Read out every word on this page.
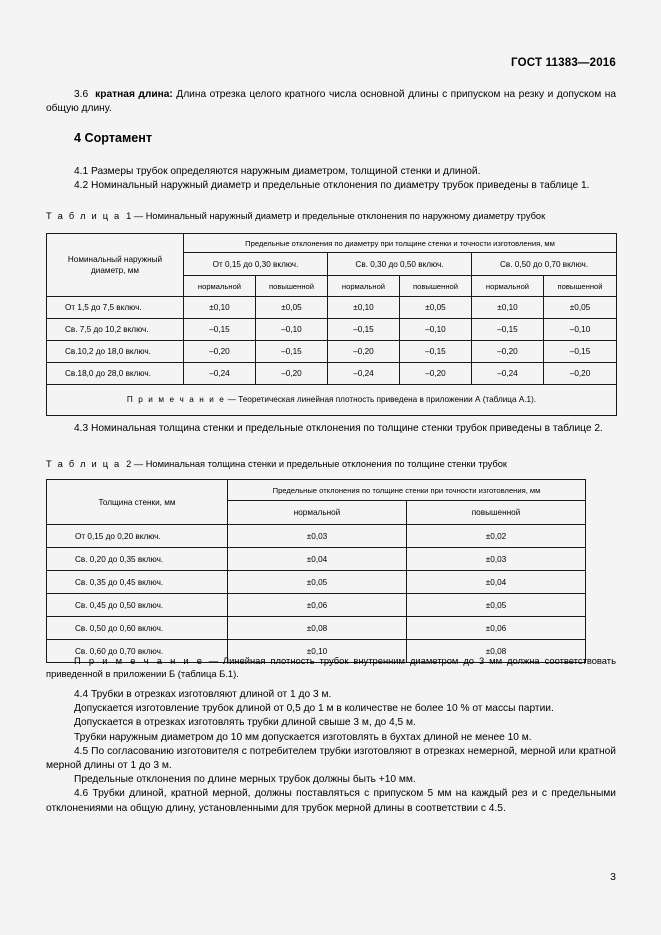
ГОСТ 11383—2016

3.6 кратная длина: Длина отрезка целого кратного числа основной длины с припуском на резку и допуском на общую длину.

4 Сортамент

4.1 Размеры трубок определяются наружным диаметром, толщиной стенки и длиной.

4.2 Номинальный наружный диаметр и предельные отклонения по диаметру трубок приведены в таблице 1.

Т а б л и ц а 1 — Номинальный наружный диаметр и предельные отклонения по наружному диаметру трубок

Номинальный наружный диаметр, мм	Предельные отклонения по диаметру при толщине стенки и точности изготовления, мм					
	От 0,15 до 0,30 включ.		Св. 0,30 до 0,50 включ.		Св. 0,50 до 0,70 включ.	
	нормальной	повышенной	нормальной	повышенной	нормальной	повышенной
От 1,5 до 7,5 включ.	±0,10	±0,05	±0,10	±0,05	±0,10	±0,05
Св. 7,5 до 10,2 включ.	–0,15	–0,10	–0,15	–0,10	–0,15	–0,10
Св.10,2 до 18,0 включ.	–0,20	–0,15	–0,20	–0,15	–0,20	–0,15
Св.18,0 до 28,0 включ.	–0,24	–0,20	–0,24	–0,20	–0,24	–0,20
П р и м е ч а н и е — Теоретическая линейная плотность приведена в приложении А (таблица А.1).						

4.3 Номинальная толщина стенки и предельные отклонения по толщине стенки трубок приведены в таблице 2.

Т а б л и ц а 2 — Номинальная толщина стенки и предельные отклонения по толщине стенки трубок

Толщина стенки, мм	Предельные отклонения по толщине стенки при точности изготовления, мм	
	нормальной	повышенной
От 0,15 до 0,20 включ.	±0,03	±0,02
Св. 0,20 до 0,35 включ.	±0,04	±0,03
Св. 0,35 до 0,45 включ.	±0,05	±0,04
Св. 0,45 до 0,50 включ.	±0,06	±0,05
Св. 0,50 до 0,60 включ.	±0,08	±0,06
Св. 0,60 до 0,70 включ.	±0,10	±0,08

П р и м е ч а н и е — Линейная плотность трубок внутренним диаметром до 3 мм должна соответствовать приведенной в приложении Б (таблица Б.1).

4.4 Трубки в отрезках изготовляют длиной от 1 до 3 м.

Допускается изготовление трубок длиной от 0,5 до 1 м в количестве не более 10 % от массы партии.

Допускается в отрезках изготовлять трубки длиной свыше 3 м, до 4,5 м.

Трубки наружным диаметром до 10 мм допускается изготовлять в бухтах длиной не менее 10 м.

4.5 По согласованию изготовителя с потребителем трубки изготовляют в отрезках немерной, мерной или кратной мерной длины от 1 до 3 м.

Предельные отклонения по длине мерных трубок должны быть +10 мм.

4.6 Трубки длиной, кратной мерной, должны поставляться с припуском 5 мм на каждый рез и с предельными отклонениями на общую длину, установленными для трубок мерной длины в соответствии с 4.5.

3
